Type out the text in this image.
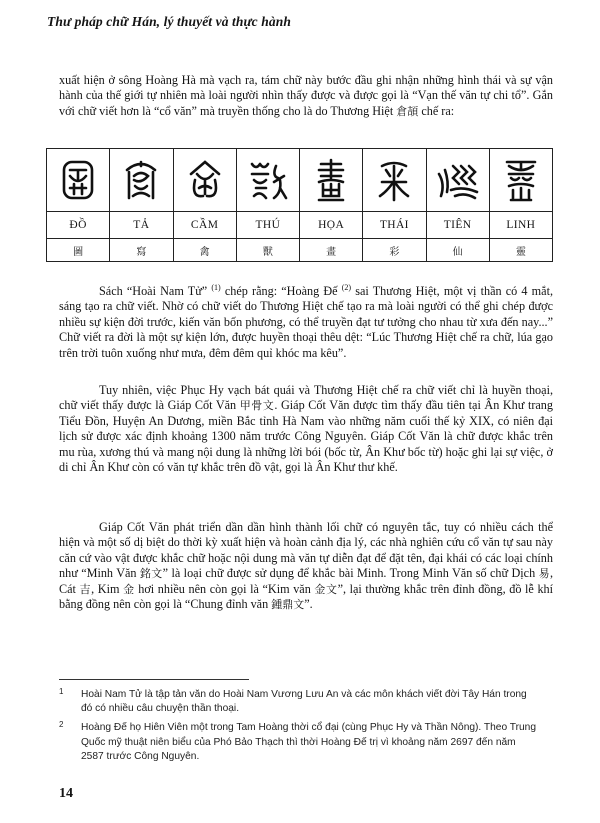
Thư pháp chữ Hán, lý thuyết và thực hành

xuất hiện ở sông Hoàng Hà mà vạch ra, tám chữ này bước đầu ghi nhận những hình thái và sự vận hành của thế giới tự nhiên mà loài người nhìn thấy được và được gọi là “Vạn thế văn tự chi tổ”. Gắn với chữ viết hơn là “cổ văn” mà truyền thống cho là do Thương Hiệt 倉頡 chế ra:

ĐỒ	TẢ	CẦM	THÚ	HỌA	THÁI	TIÊN	LINH
圖	寫	禽	獸	畫	彩	仙	靈

Sách “Hoài Nam Tử” $^{(1)}$ chép rằng: “Hoàng Đế $^{(2)}$ sai Thương Hiệt, một vị thần có 4 mắt, sáng tạo ra chữ viết. Nhờ có chữ viết do Thương Hiệt chế tạo ra mà loài người có thể ghi chép được nhiều sự kiện đời trước, kiến văn bốn phương, có thể truyền đạt tư tưởng cho nhau từ xưa đến nay...” Chữ viết ra đời là một sự kiện lớn, được huyền thoại thêu dệt: “Lúc Thương Hiệt chế ra chữ, lúa gạo trên trời tuôn xuống như mưa, đêm đêm quỉ khóc ma kêu”.

Tuy nhiên, việc Phục Hy vạch bát quái và Thương Hiệt chế ra chữ viết chỉ là huyền thoại, chữ viết thấy được là Giáp Cốt Văn 甲骨文. Giáp Cốt Văn được tìm thấy đầu tiên tại Ân Khư trang Tiểu Đồn, Huyện An Dương, miền Bắc tỉnh Hà Nam vào những năm cuối thế kỷ XIX, có niên đại lịch sử được xác định khoảng 1300 năm trước Công Nguyên. Giáp Cốt Văn là chữ được khắc trên mu rùa, xương thú và mang nội dung là những lời bói (bốc từ, Ân Khư bốc từ) hoặc ghi lại sự việc, ở di chỉ Ân Khư còn có văn tự khắc trên đồ vật, gọi là Ân Khư thư khế.

Giáp Cốt Văn phát triển dần dần hình thành lối chữ có nguyên tắc, tuy có nhiều cách thể hiện và một số dị biệt do thời kỳ xuất hiện và hoàn cảnh địa lý, các nhà nghiên cứu cổ văn tự sau này căn cứ vào vật được khắc chữ hoặc nội dung mà văn tự diễn đạt để đặt tên, đại khái có các loại chính như “Minh Văn 銘文” là loại chữ được sử dụng để khắc bài Minh. Trong Minh Văn số chữ Dịch 易, Cát 吉, Kim 金 hơi nhiều nên còn gọi là “Kim văn 金文”, lại thường khắc trên đỉnh đồng, đồ lễ khí bằng đồng nên còn gọi là “Chung đỉnh văn 鍾鼎文”.

1 Hoài Nam Tử là tập tản văn do Hoài Nam Vương Lưu An và các môn khách viết đời Tây Hán trong đó có nhiều câu chuyện thần thoại.
2 Hoàng Đế họ Hiên Viên một trong Tam Hoàng thời cổ đại (cùng Phục Hy và Thần Nông). Theo Trung Quốc mỹ thuật niên biểu của Phó Bảo Thạch thì thời Hoàng Đế trị vì khoảng năm 2697 đến năm 2587 trước Công Nguyên.
14
